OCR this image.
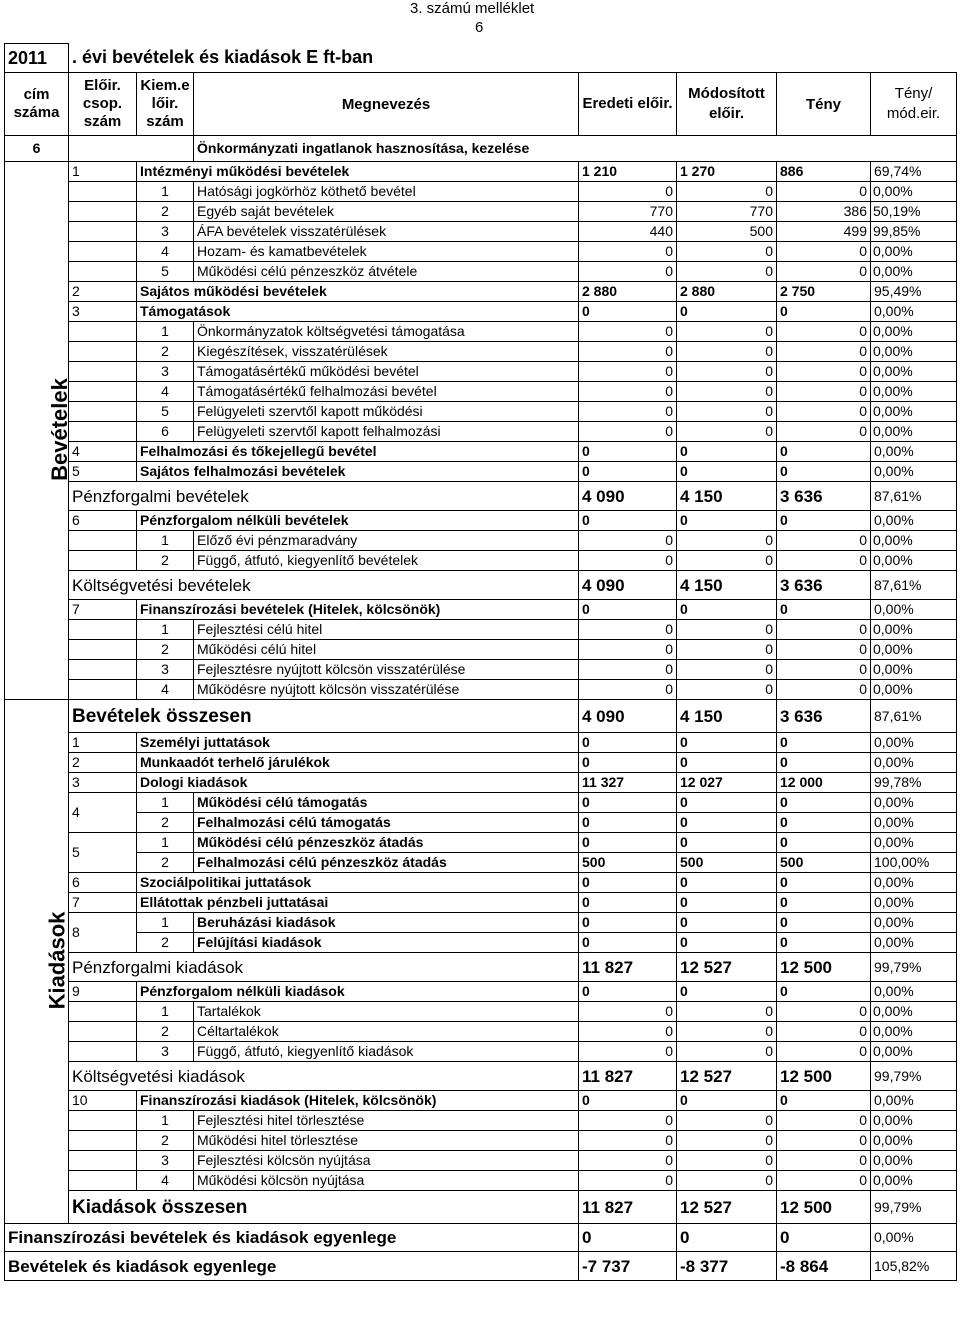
3. számú melléklet
6
2011	. évi bevételek és kiadások E ft-ban						
cím száma	Előir. csop. szám	Kiem.e lőir. szám	Megnevezés	Eredeti előir.	Módosított előir.	Tény	Tény/ mód.eir.
6			Önkormányzati ingatlanok hasznosítása, kezelése				
Bevételek	1	Intézményi működési bevételek		1 210	1 270	886	69,74%
		1	Hatósági jogkörhöz köthető bevétel	0	0	0	0,00%
		2	Egyéb saját bevételek	770	770	386	50,19%
		3	ÁFA bevételek visszatérülések	440	500	499	99,85%
		4	Hozam- és kamatbevételek	0	0	0	0,00%
		5	Működési célú pénzeszköz átvétele	0	0	0	0,00%
	2	Sajátos működési bevételek		2 880	2 880	2 750	95,49%
	3	Támogatások		0	0	0	0,00%
		1	Önkormányzatok költségvetési támogatása	0	0	0	0,00%
		2	Kiegészítések, visszatérülések	0	0	0	0,00%
		3	Támogatásértékű működési bevétel	0	0	0	0,00%
		4	Támogatásértékű felhalmozási bevétel	0	0	0	0,00%
		5	Felügyeleti szervtől kapott működési	0	0	0	0,00%
		6	Felügyeleti szervtől kapott felhalmozási	0	0	0	0,00%
	4	Felhalmozási és tőkejellegű bevétel		0	0	0	0,00%
	5	Sajátos felhalmozási bevételek		0	0	0	0,00%
	Pénzforgalmi bevételek			4 090	4 150	3 636	87,61%
	6	Pénzforgalom nélküli bevételek		0	0	0	0,00%
		1	Előző évi pénzmaradvány	0	0	0	0,00%
		2	Függő, átfutó, kiegyenlítő bevételek	0	0	0	0,00%
	Költségvetési bevételek			4 090	4 150	3 636	87,61%
	7	Finanszírozási bevételek (Hitelek, kölcsönök)		0	0	0	0,00%
		1	Fejlesztési célú hitel	0	0	0	0,00%
		2	Működési célú hitel	0	0	0	0,00%
		3	Fejlesztésre nyújtott kölcsön visszatérülése	0	0	0	0,00%
		4	Működésre nyújtott kölcsön visszatérülése	0	0	0	0,00%
Kiadások	Bevételek összesen			4 090	4 150	3 636	87,61%
	1	Személyi juttatások		0	0	0	0,00%
	2	Munkaadót terhelő járulékok		0	0	0	0,00%
	3	Dologi kiadások		11 327	12 027	12 000	99,78%
	4	1	Működési célú támogatás	0	0	0	0,00%
		2	Felhalmozási célú támogatás	0	0	0	0,00%
	5	1	Működési célú pénzeszköz átadás	0	0	0	0,00%
		2	Felhalmozási célú pénzeszköz átadás	500	500	500	100,00%
	6	Szociálpolitikai juttatások		0	0	0	0,00%
	7	Ellátottak pénzbeli juttatásai		0	0	0	0,00%
	8	1	Beruházási kiadások	0	0	0	0,00%
		2	Felújítási kiadások	0	0	0	0,00%
	Pénzforgalmi kiadások			11 827	12 527	12 500	99,79%
	9	Pénzforgalom nélküli kiadások		0	0	0	0,00%
		1	Tartalékok	0	0	0	0,00%
		2	Céltartalékok	0	0	0	0,00%
		3	Függő, átfutó, kiegyenlítő kiadások	0	0	0	0,00%
	Költségvetési kiadások			11 827	12 527	12 500	99,79%
	10	Finanszírozási kiadások (Hitelek, kölcsönök)		0	0	0	0,00%
		1	Fejlesztési hitel törlesztése	0	0	0	0,00%
		2	Működési hitel törlesztése	0	0	0	0,00%
		3	Fejlesztési kölcsön nyújtása	0	0	0	0,00%
		4	Működési kölcsön nyújtása	0	0	0	0,00%
	Kiadások összesen			11 827	12 527	12 500	99,79%
Finanszírozási bevételek és kiadások egyenlege				0	0	0	0,00%
Bevételek és kiadások egyenlege				-7 737	-8 377	-8 864	105,82%
